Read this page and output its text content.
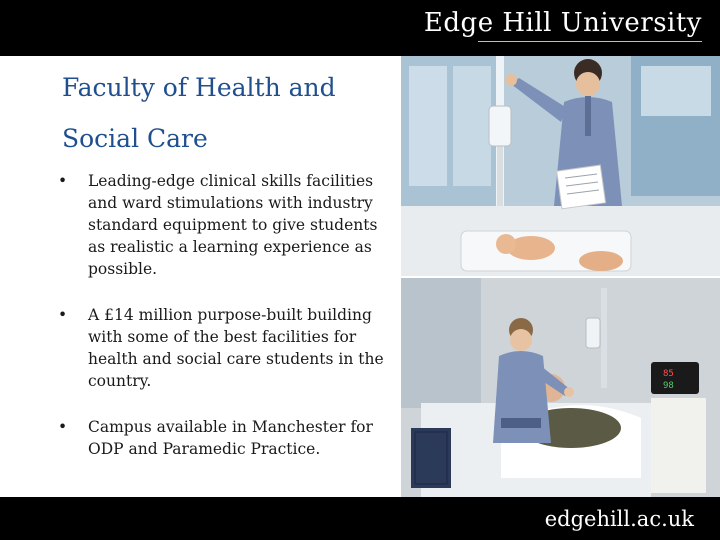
Edge Hill University
Faculty of Health and Social Care
• Leading-edge clinical skills facilities and ward stimulations with industry standard equipment to give students as realistic a learning experience as possible.
• A £14 million purpose-built building with some of the best facilities for health and social care students in the country.
• Campus available in Manchester for ODP and Paramedic Practice.
85
98
edgehill.ac.uk
